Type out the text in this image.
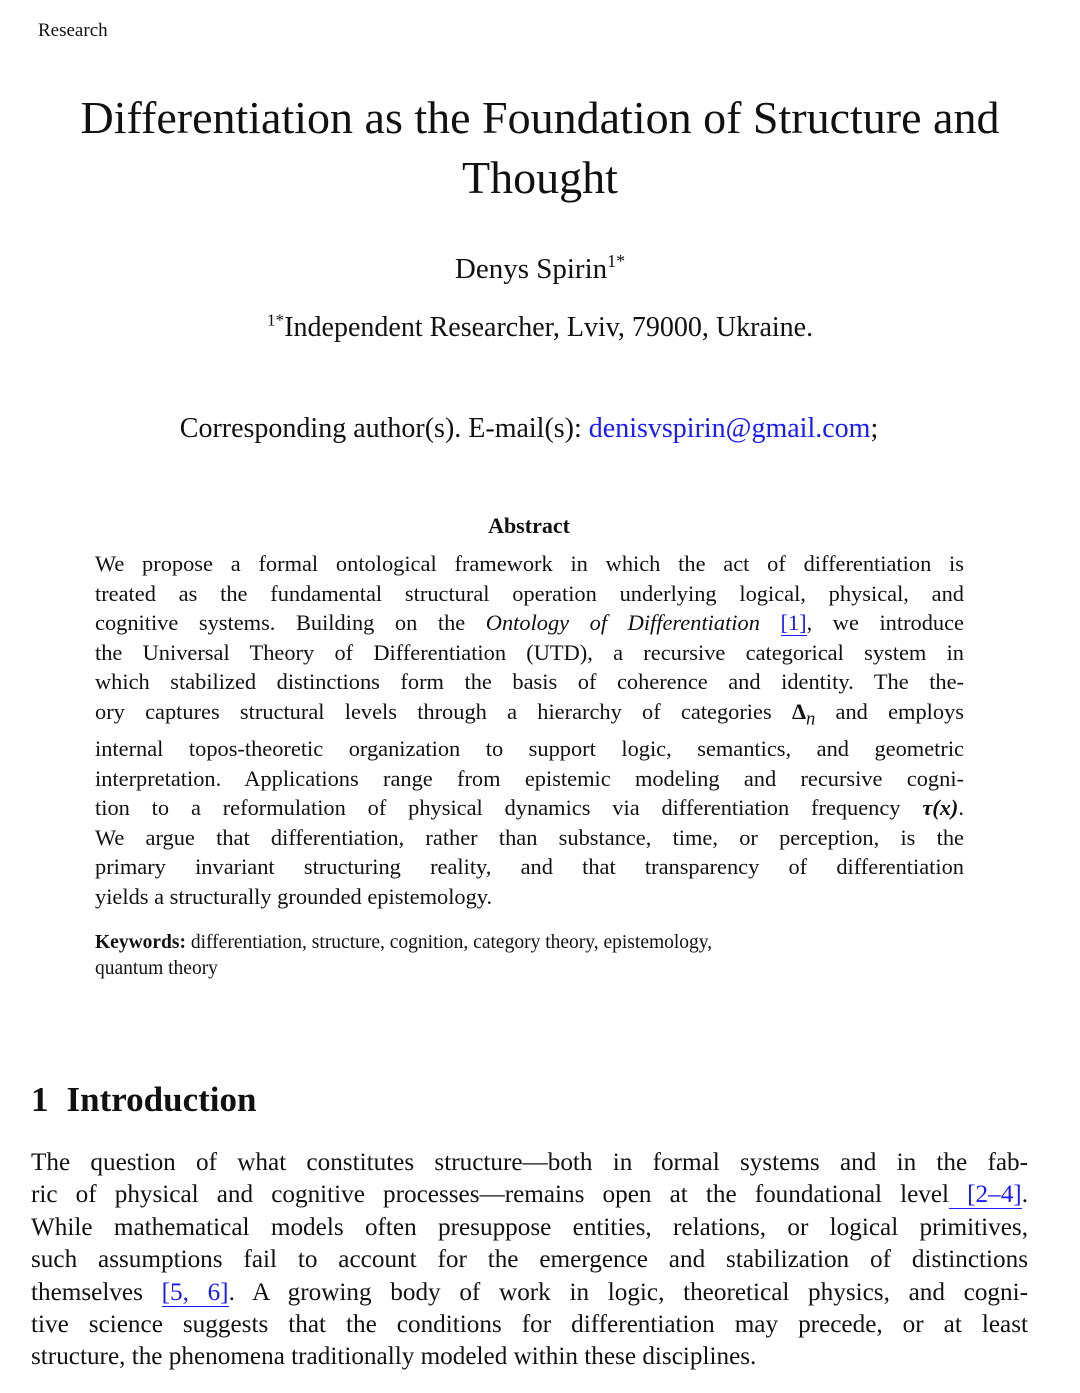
Research
Differentiation as the Foundation of Structure and
Thought
Denys Spirin$^{1*}$
$^{1*}$Independent Researcher, Lviv, 79000, Ukraine.
Corresponding author(s). E-mail(s): denisvspirin@gmail.com;
Abstract
We propose a formal ontological framework in which the act of differentiation is
treated as the fundamental structural operation underlying logical, physical, and
cognitive systems. Building on the Ontology of Differentiation [1], we introduce
the Universal Theory of Differentiation (UTD), a recursive categorical system in
which stabilized distinctions form the basis of coherence and identity. The the-
ory captures structural levels through a hierarchy of categories $\Delta_n$ and employs
internal topos-theoretic organization to support logic, semantics, and geometric
interpretation. Applications range from epistemic modeling and recursive cogni-
tion to a reformulation of physical dynamics via differentiation frequency τ(x).
We argue that differentiation, rather than substance, time, or perception, is the
primary invariant structuring reality, and that transparency of differentiation
yields a structurally grounded epistemology.
Keywords: differentiation, structure, cognition, category theory, epistemology,
quantum theory
1 Introduction
The question of what constitutes structure—both in formal systems and in the fab-
ric of physical and cognitive processes—remains open at the foundational level [2–4].
While mathematical models often presuppose entities, relations, or logical primitives,
such assumptions fail to account for the emergence and stabilization of distinctions
themselves [5, 6]. A growing body of work in logic, theoretical physics, and cogni-
tive science suggests that the conditions for differentiation may precede, or at least
structure, the phenomena traditionally modeled within these disciplines.
